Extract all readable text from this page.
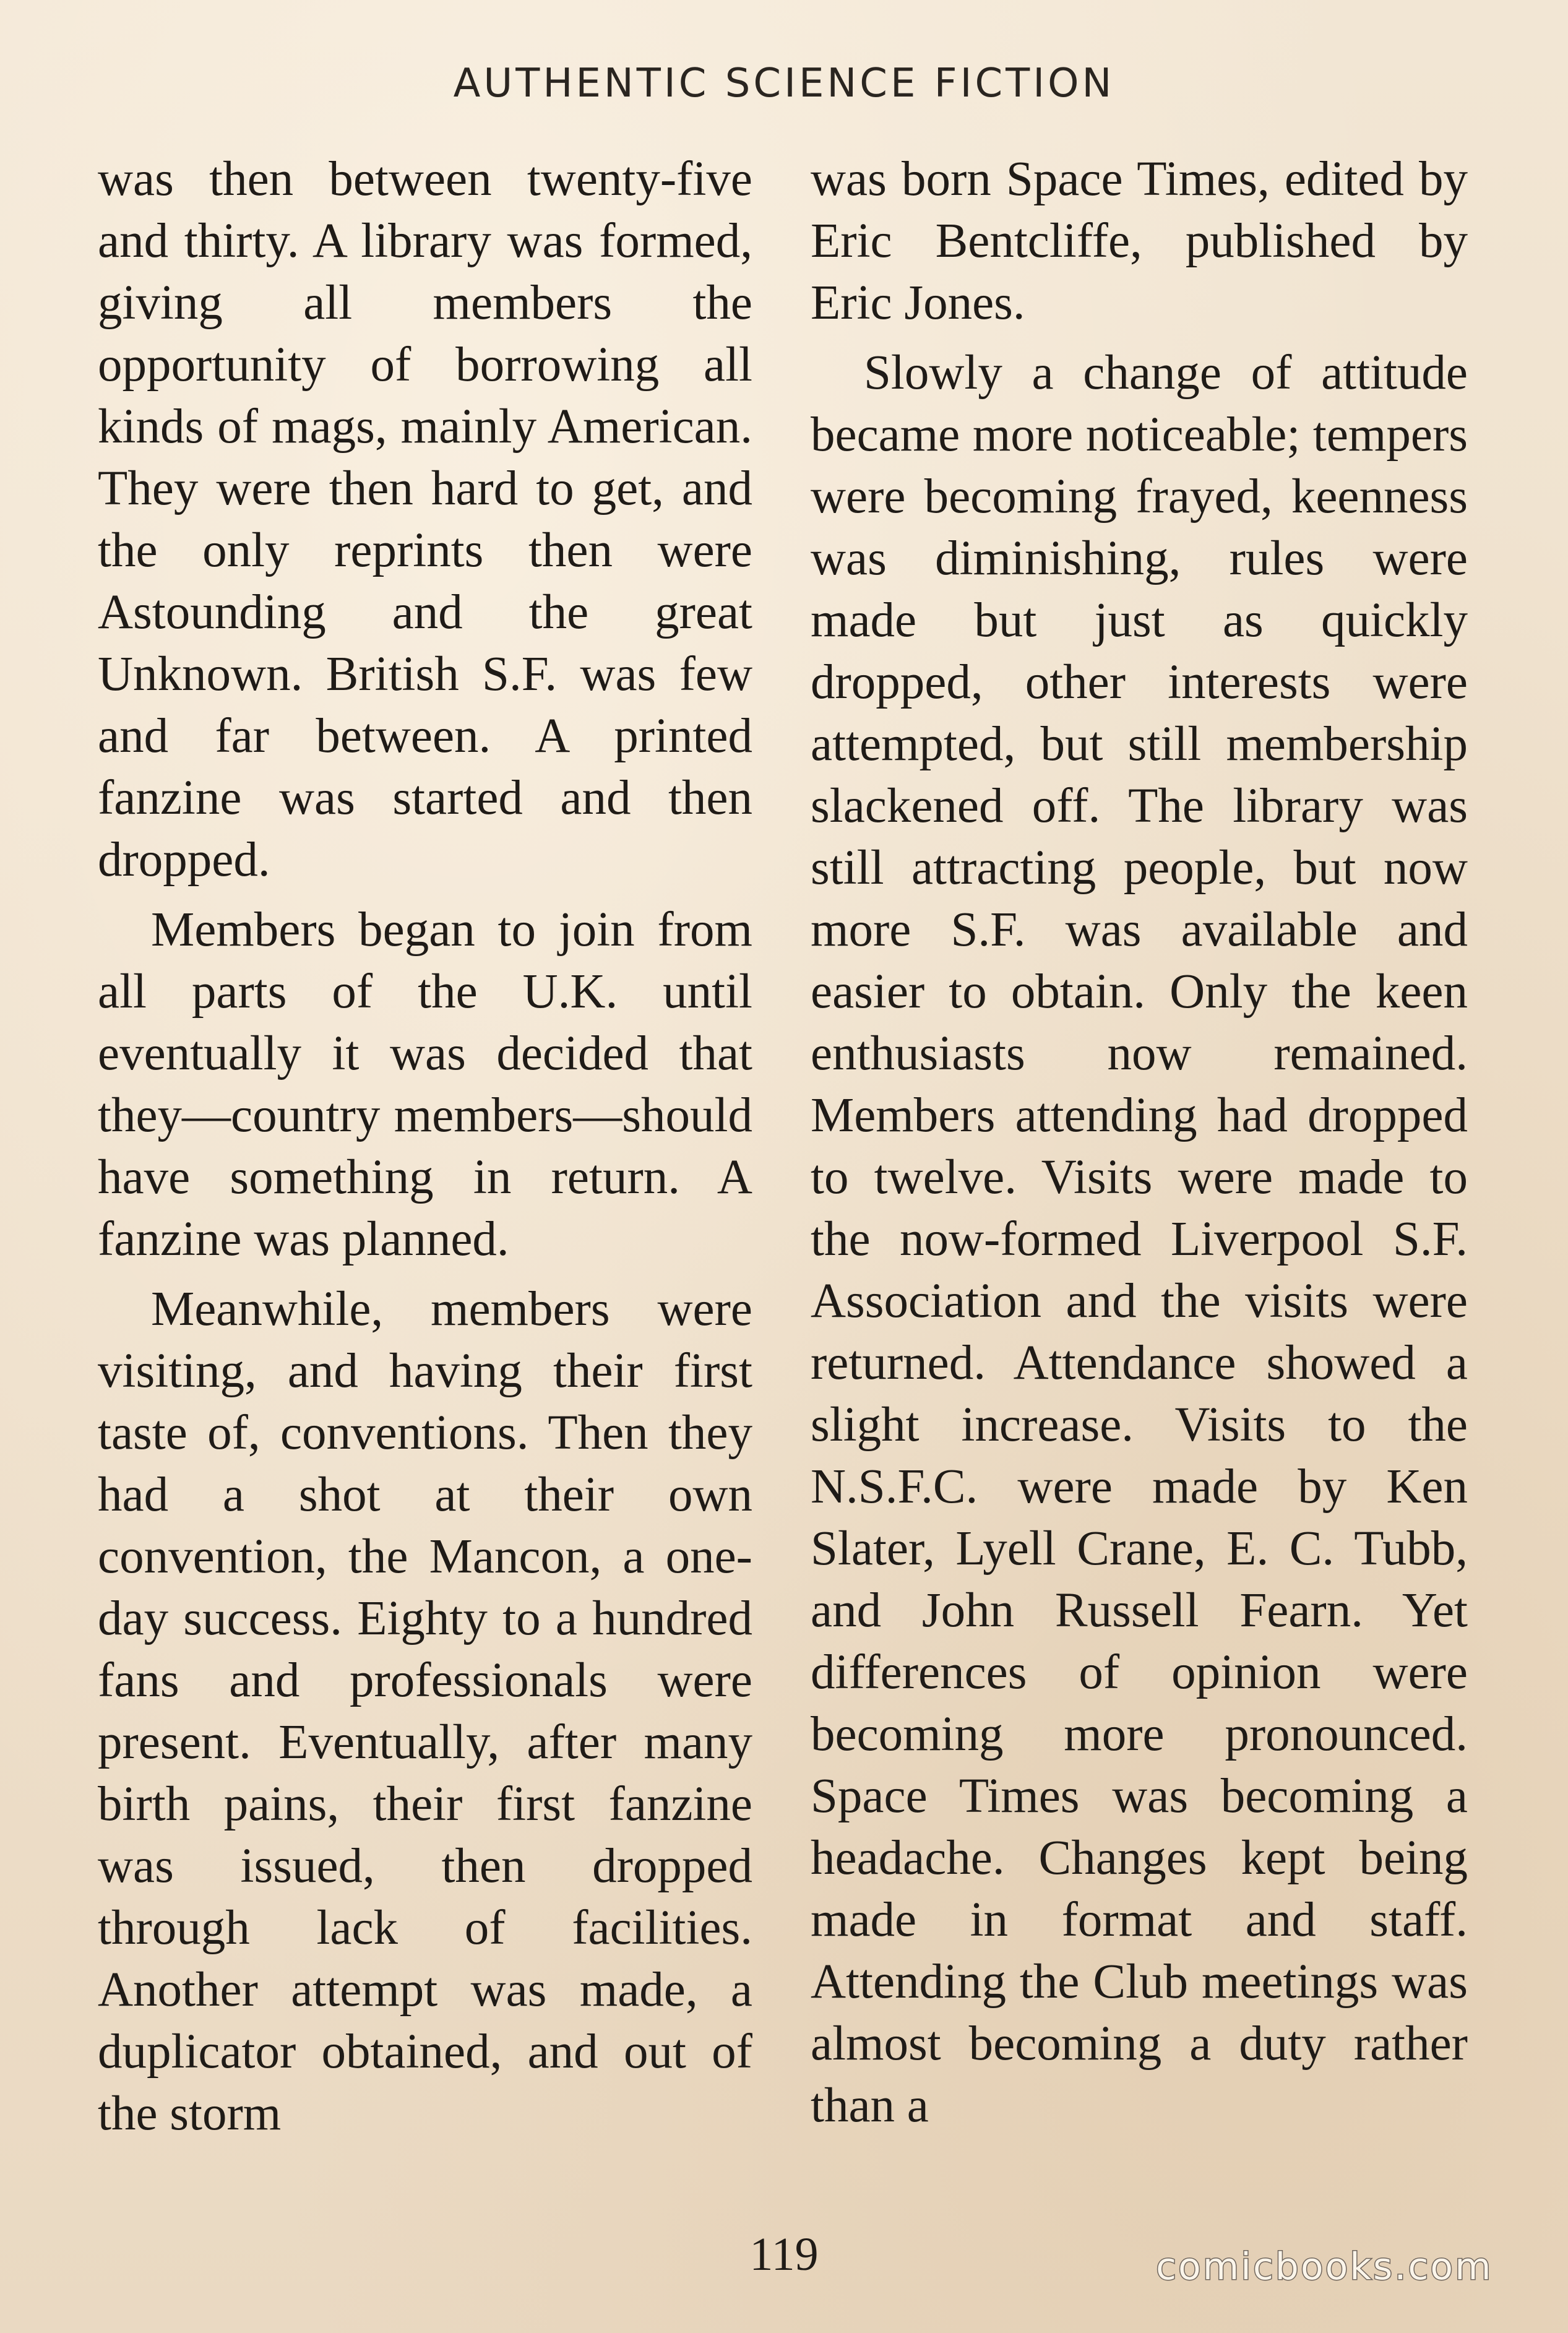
AUTHENTIC SCIENCE FICTION

was then between twenty-five and thirty. A library was formed, giving all members the opportunity of borrowing all kinds of mags, mainly American. They were then hard to get, and the only reprints then were Astounding and the great Unknown. British S.F. was few and far between. A printed fanzine was started and then dropped.

Members began to join from all parts of the U.K. until eventually it was decided that they—country members—should have something in return. A fanzine was planned.

Meanwhile, members were visiting, and having their first taste of, conventions. Then they had a shot at their own convention, the Mancon, a one-day success. Eighty to a hundred fans and professionals were present. Eventually, after many birth pains, their first fanzine was issued, then dropped through lack of facilities. Another attempt was made, a duplicator obtained, and out of the storm

was born Space Times, edited by Eric Bentcliffe, published by Eric Jones.

Slowly a change of attitude became more noticeable; tempers were becoming frayed, keenness was diminishing, rules were made but just as quickly dropped, other interests were attempted, but still membership slackened off. The library was still attracting people, but now more S.F. was available and easier to obtain. Only the keen enthusiasts now remained. Members attending had dropped to twelve. Visits were made to the now-formed Liverpool S.F. Association and the visits were returned. Attendance showed a slight increase. Visits to the N.S.F.C. were made by Ken Slater, Lyell Crane, E. C. Tubb, and John Russell Fearn. Yet differences of opinion were becoming more pronounced. Space Times was becoming a headache. Changes kept being made in format and staff. Attending the Club meetings was almost becoming a duty rather than a

119	comicbooks.com
